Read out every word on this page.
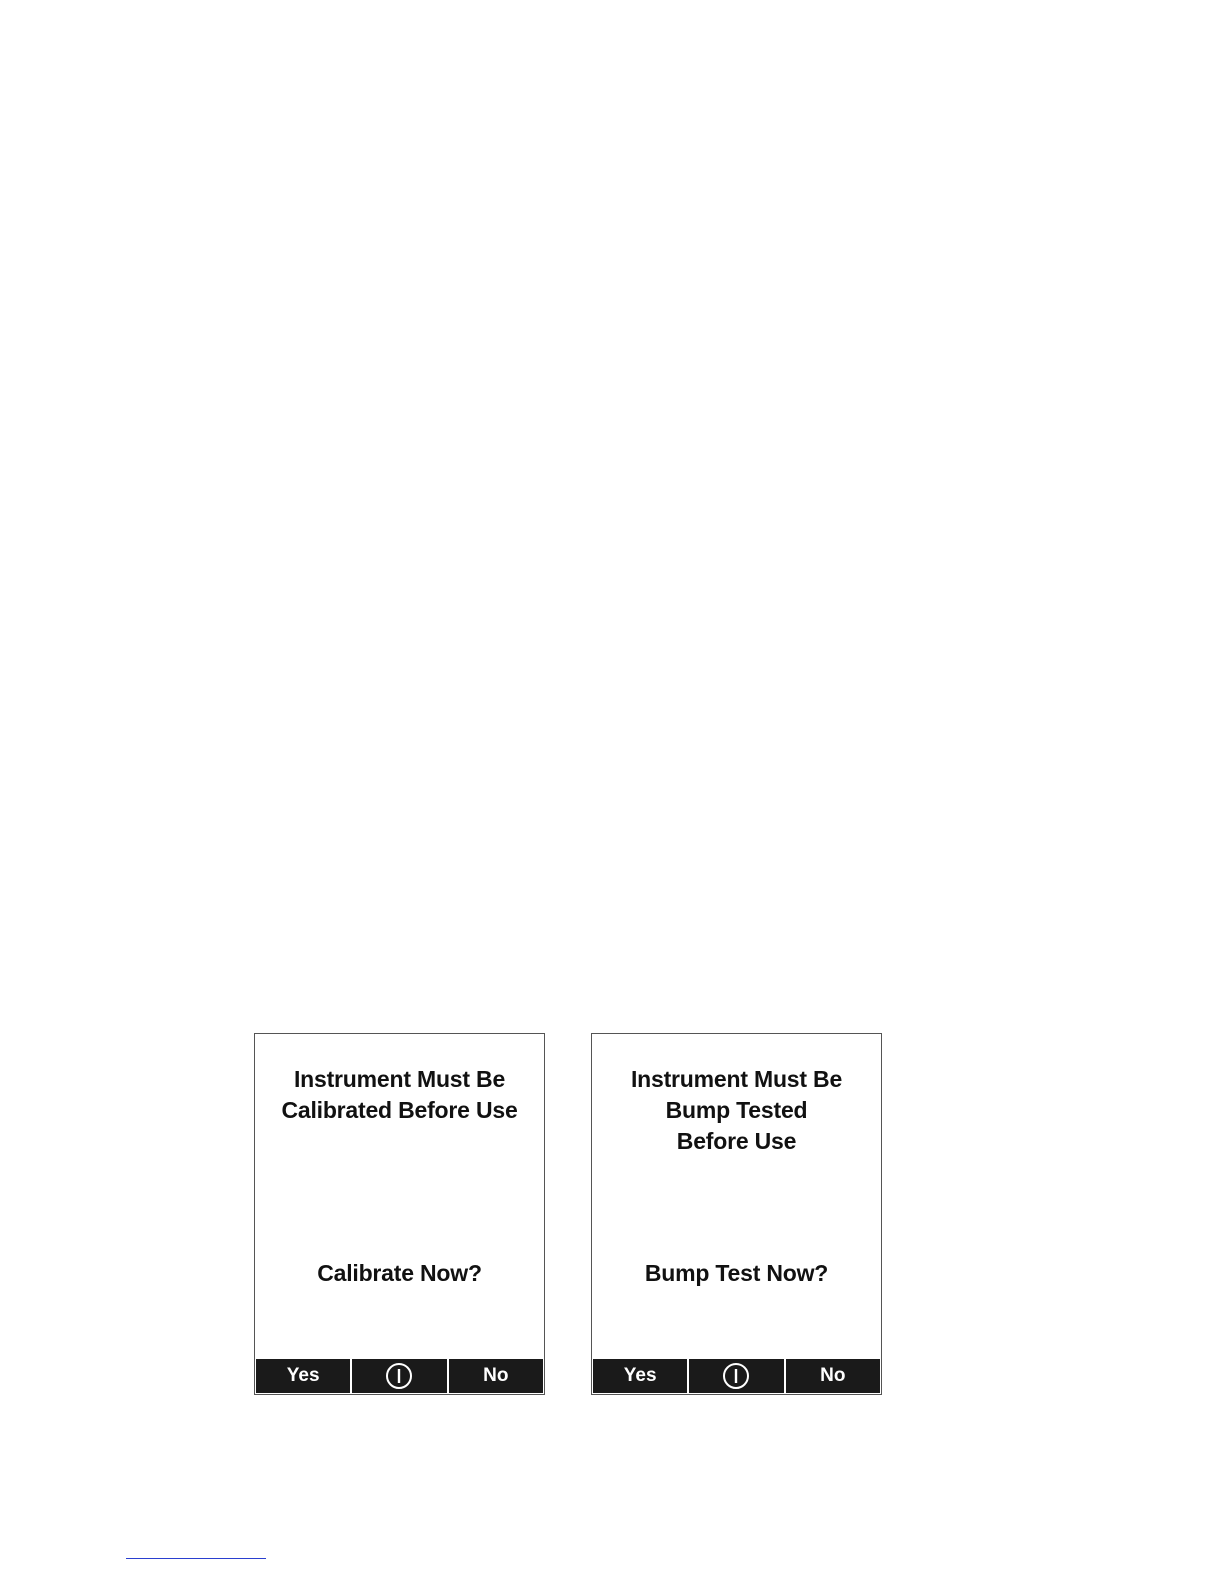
Instrument Must Be
Calibrated Before Use
Calibrate Now?
Yes	No
Instrument Must Be
Bump Tested
Before Use
Bump Test Now?
Yes	No
